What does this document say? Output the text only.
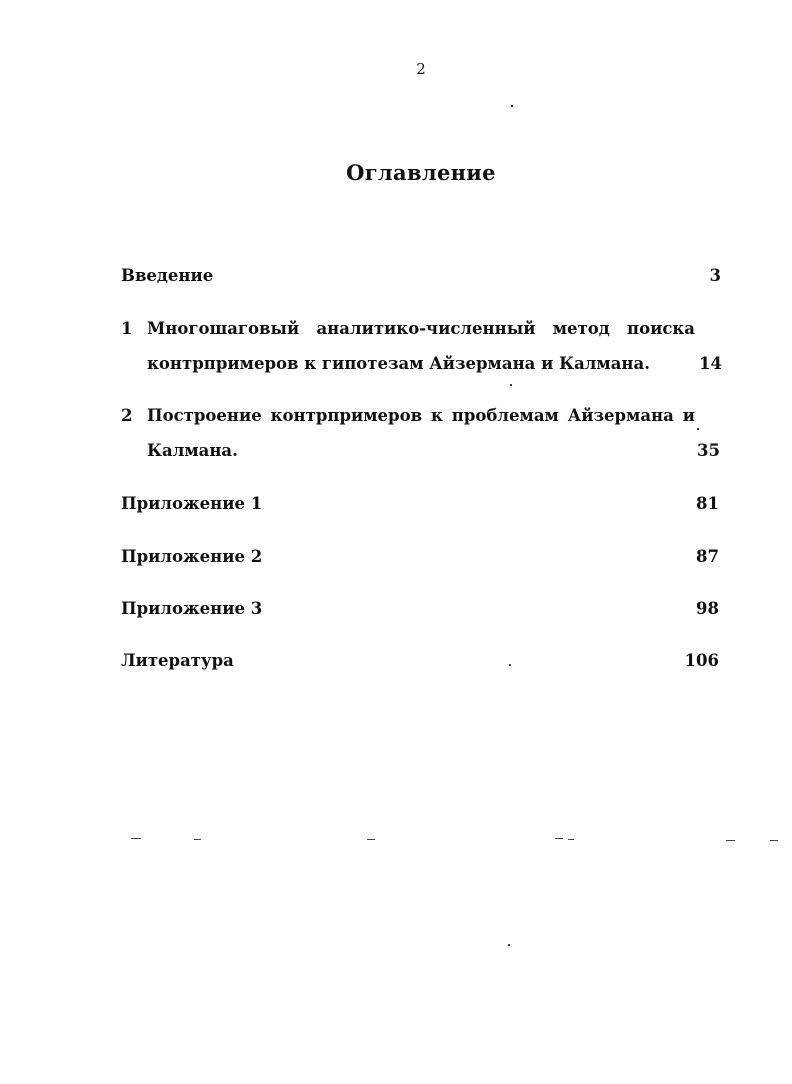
2
Оглавление
Введение	3
1 Многошаговый аналитико-численный метод поиска
контрпримеров к гипотезам Айзермана и Калмана.	14
2 Построение контрпримеров к проблемам Айзермана и
Калмана.	35
Приложение 1	81
Приложение 2	87
Приложение 3	98
Литература	106
